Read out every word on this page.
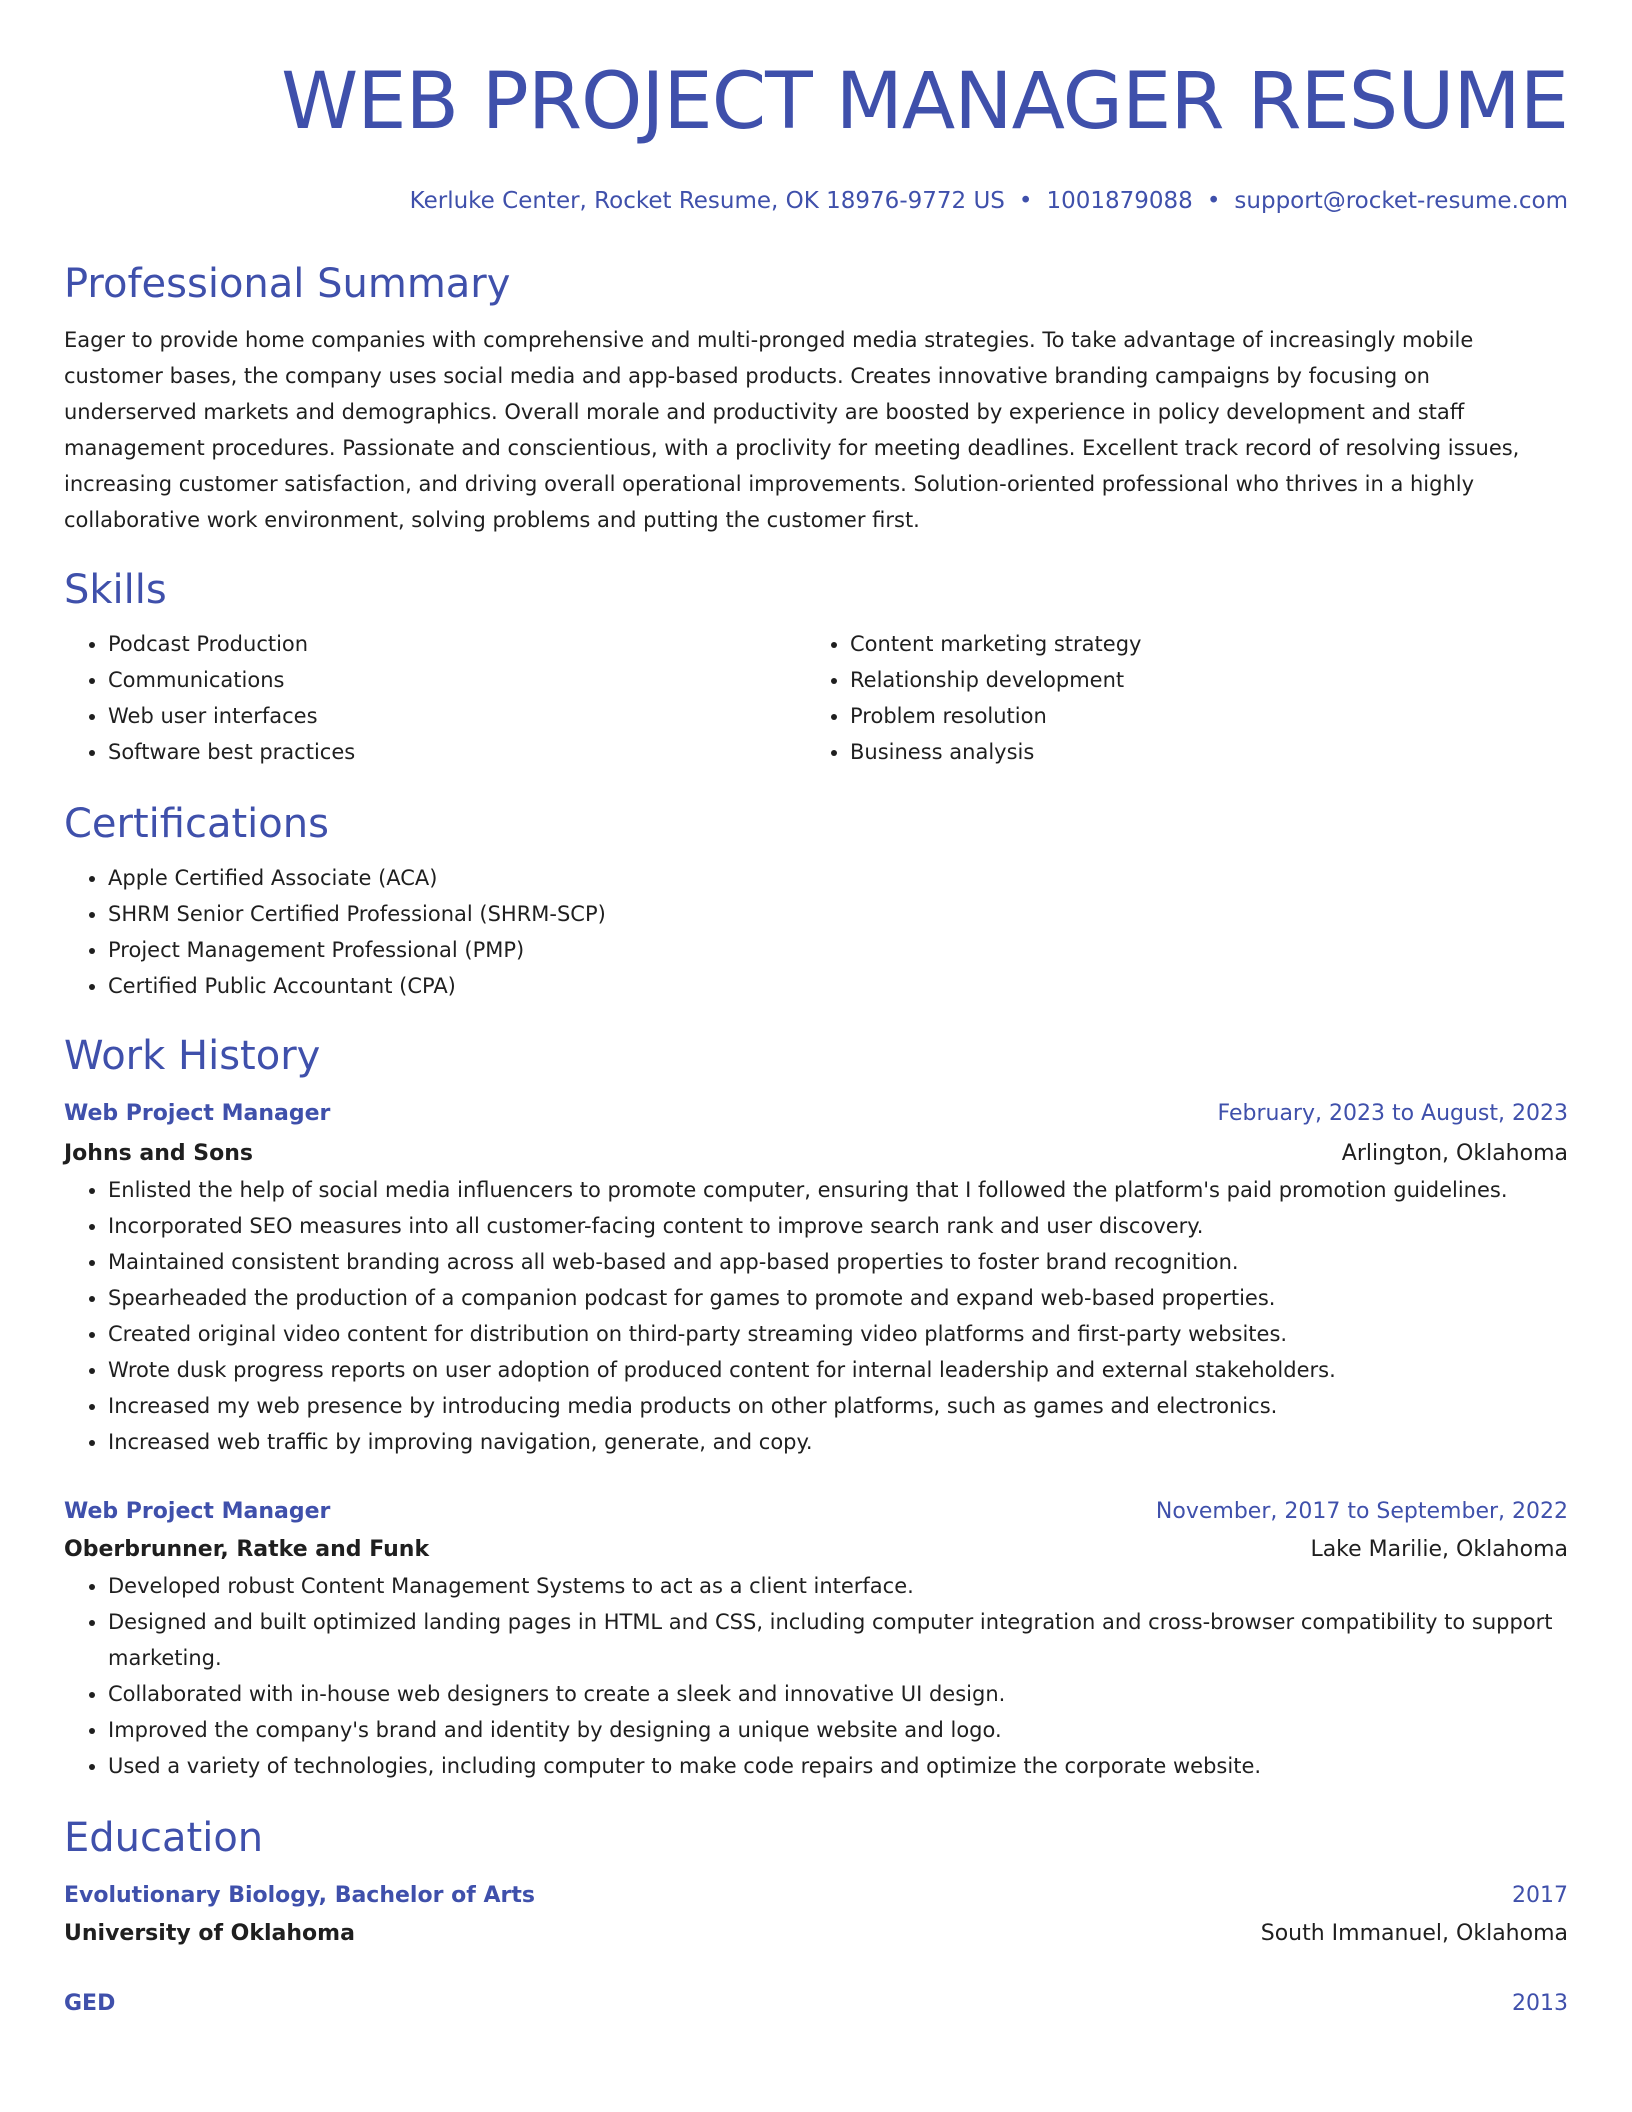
WEB PROJECT MANAGER RESUME
Kerluke Center, Rocket Resume, OK 18976-9772 US • 1001879088 • support@rocket-resume.com
Professional Summary

Eager to provide home companies with comprehensive and multi-pronged media strategies. To take advantage of increasingly mobile customer bases, the company uses social media and app-based products. Creates innovative branding campaigns by focusing on underserved markets and demographics. Overall morale and productivity are boosted by experience in policy development and staff management procedures. Passionate and conscientious, with a proclivity for meeting deadlines. Excellent track record of resolving issues, increasing customer satisfaction, and driving overall operational improvements. Solution-oriented professional who thrives in a highly collaborative work environment, solving problems and putting the customer first.

Skills
• Podcast Production
• Communications
• Web user interfaces
• Software best practices
• Content marketing strategy
• Relationship development
• Problem resolution
• Business analysis
Certifications
• Apple Certified Associate (ACA)
• SHRM Senior Certified Professional (SHRM-SCP)
• Project Management Professional (PMP)
• Certified Public Accountant (CPA)
Work History
Web Project Manager	February, 2023 to August, 2023
Johns and Sons	Arlington, Oklahoma
• Enlisted the help of social media influencers to promote computer, ensuring that I followed the platform's paid promotion guidelines.
• Incorporated SEO measures into all customer-facing content to improve search rank and user discovery.
• Maintained consistent branding across all web-based and app-based properties to foster brand recognition.
• Spearheaded the production of a companion podcast for games to promote and expand web-based properties.
• Created original video content for distribution on third-party streaming video platforms and first-party websites.
• Wrote dusk progress reports on user adoption of produced content for internal leadership and external stakeholders.
• Increased my web presence by introducing media products on other platforms, such as games and electronics.
• Increased web traffic by improving navigation, generate, and copy.
Web Project Manager	November, 2017 to September, 2022
Oberbrunner, Ratke and Funk	Lake Marilie, Oklahoma
• Developed robust Content Management Systems to act as a client interface.
• Designed and built optimized landing pages in HTML and CSS, including computer integration and cross-browser compatibility to support marketing.
• Collaborated with in-house web designers to create a sleek and innovative UI design.
• Improved the company's brand and identity by designing a unique website and logo.
• Used a variety of technologies, including computer to make code repairs and optimize the corporate website.
Education
Evolutionary Biology, Bachelor of Arts	2017
University of Oklahoma	South Immanuel, Oklahoma
GED	2013
